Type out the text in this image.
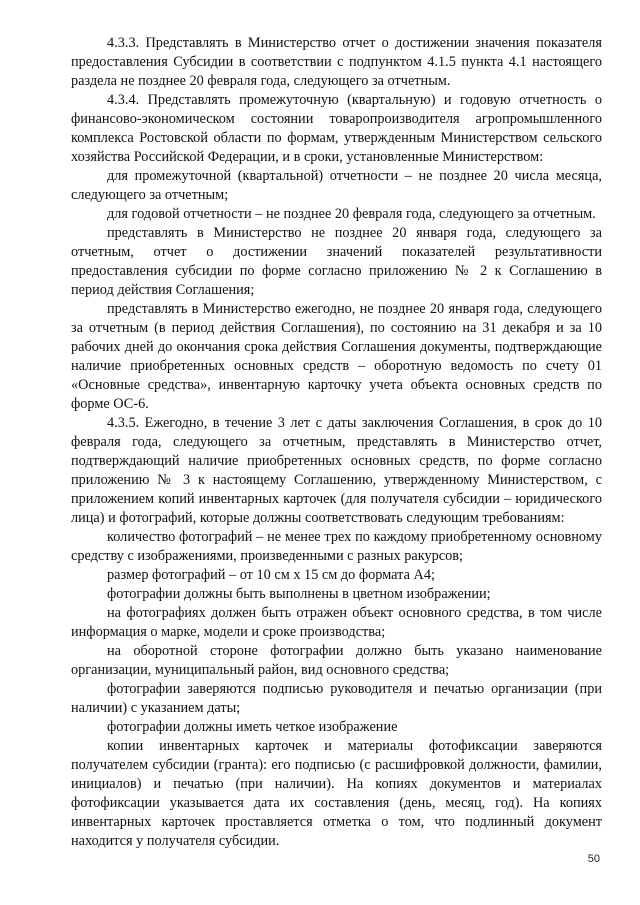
4.3.3. Представлять в Министерство отчет о достижении значения показателя предоставления Субсидии в соответствии с подпунктом 4.1.5 пункта 4.1 настоящего раздела не позднее 20 февраля года, следующего за отчетным.

4.3.4. Представлять промежуточную (квартальную) и годовую отчетность о финансово-экономическом состоянии товаропроизводителя агропромышленного комплекса Ростовской области по формам, утвержденным Министерством сельского хозяйства Российской Федерации, и в сроки, установленные Министерством:

для промежуточной (квартальной) отчетности – не позднее 20 числа месяца, следующего за отчетным;

для годовой отчетности – не позднее 20 февраля года, следующего за отчетным.

представлять в Министерство не позднее 20 января года, следующего за отчетным, отчет о достижении значений показателей результативности предоставления субсидии по форме согласно приложению № 2 к Соглашению в период действия Соглашения;

представлять в Министерство ежегодно, не позднее 20 января года, следующего за отчетным (в период действия Соглашения), по состоянию на 31 декабря и за 10 рабочих дней до окончания срока действия Соглашения документы, подтверждающие наличие приобретенных основных средств – оборотную ведомость по счету 01 «Основные средства», инвентарную карточку учета объекта основных средств по форме ОС-6.

4.3.5. Ежегодно, в течение 3 лет с даты заключения Соглашения, в срок до 10 февраля года, следующего за отчетным, представлять в Министерство отчет, подтверждающий наличие приобретенных основных средств, по форме согласно приложению № 3 к настоящему Соглашению, утвержденному Министерством, с приложением копий инвентарных карточек (для получателя субсидии – юридического лица) и фотографий, которые должны соответствовать следующим требованиям:

количество фотографий – не менее трех по каждому приобретенному основному средству с изображениями, произведенными с разных ракурсов;

размер фотографий – от 10 см х 15 см до формата А4;

фотографии должны быть выполнены в цветном изображении;

на фотографиях должен быть отражен объект основного средства, в том числе информация о марке, модели и сроке производства;

на оборотной стороне фотографии должно быть указано наименование организации, муниципальный район, вид основного средства;

фотографии заверяются подписью руководителя и печатью организации (при наличии) с указанием даты;

фотографии должны иметь четкое изображение

копии инвентарных карточек и материалы фотофиксации заверяются получателем субсидии (гранта): его подписью (с расшифровкой должности, фамилии, инициалов) и печатью (при наличии). На копиях документов и материалах фотофиксации указывается дата их составления (день, месяц, год). На копиях инвентарных карточек проставляется отметка о том, что подлинный документ находится у получателя субсидии.

50
